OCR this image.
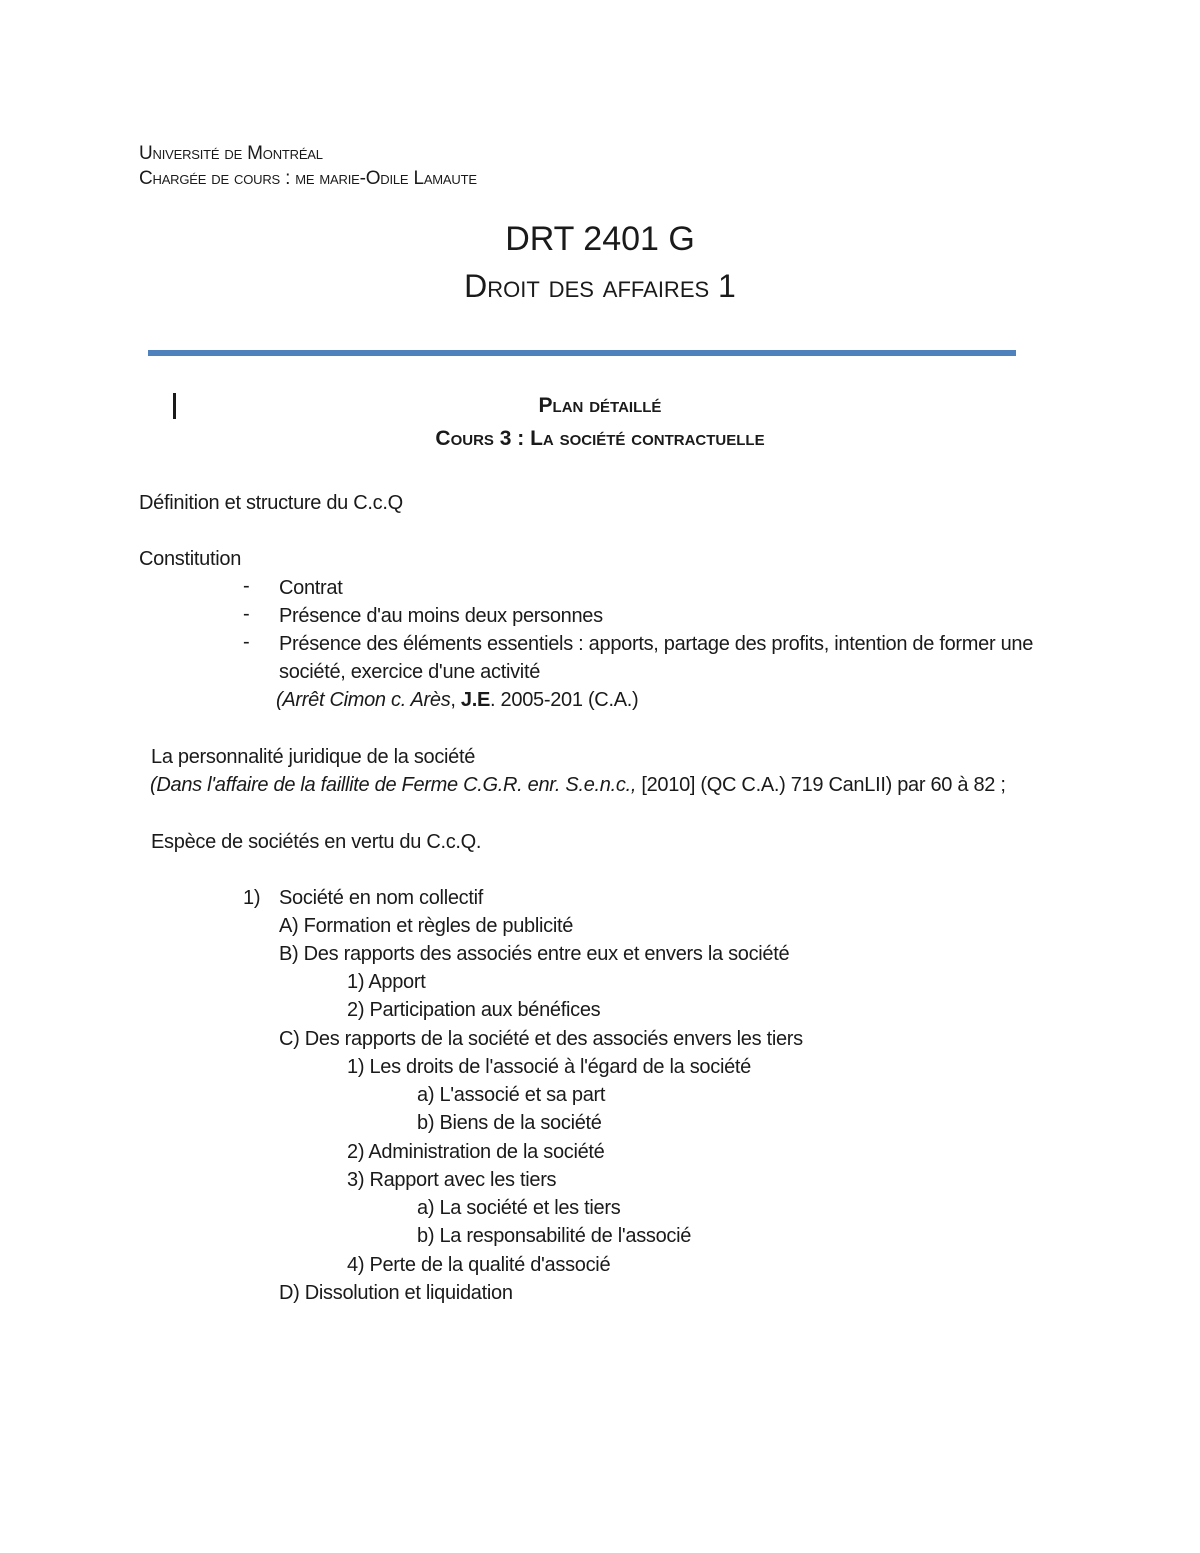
Université de Montréal
Chargée de cours : me marie-Odile Lamaute
DRT 2401 G
Droit des affaires 1
Plan détaillé
Cours 3 : La société contractuelle
Définition et structure du C.c.Q
Constitution
- Contrat
- Présence d'au moins deux personnes
- Présence des éléments essentiels : apports, partage des profits, intention de former une
société, exercice d'une activité
(Arrêt Cimon c. Arès, J.E. 2005-201 (C.A.)
La personnalité juridique de la société
(Dans l'affaire de la faillite de Ferme C.G.R. enr. S.e.n.c., [2010] (QC C.A.) 719 CanLII) par 60 à 82 ;
Espèce de sociétés en vertu du C.c.Q.
1) Société en nom collectif
A) Formation et règles de publicité
B) Des rapports des associés entre eux et envers la société
1) Apport
2) Participation aux bénéfices
C) Des rapports de la société et des associés envers les tiers
1) Les droits de l'associé à l'égard de la société
a) L'associé et sa part
b) Biens de la société
2) Administration de la société
3) Rapport avec les tiers
a) La société et les tiers
b) La responsabilité de l'associé
4) Perte de la qualité d'associé
D) Dissolution et liquidation
